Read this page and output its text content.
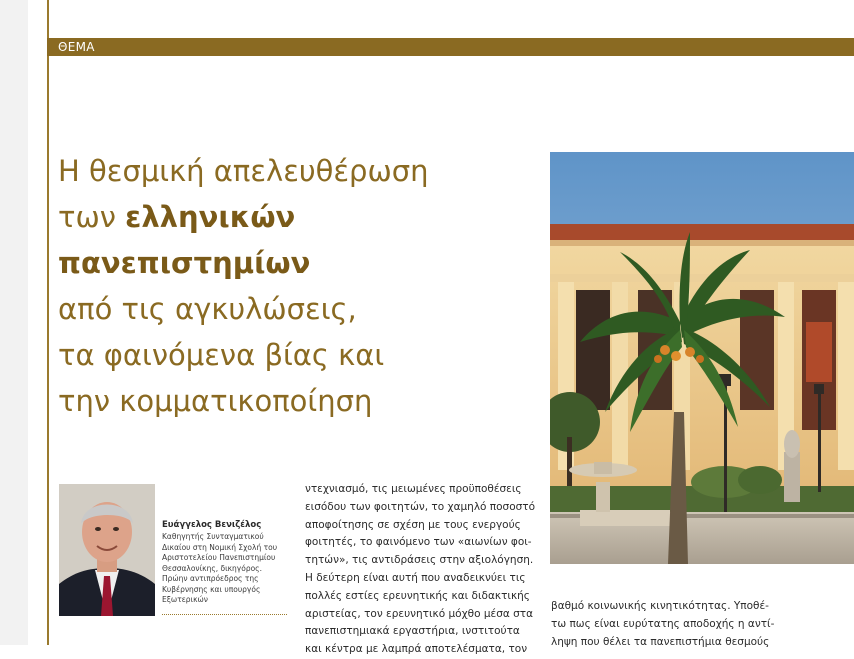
ΘΕΜΑ
Η θεσμική απελευθέρωση
των ελληνικών
πανεπιστημίων
από τις αγκυλώσεις,
τα φαινόμενα βίας και
την κομματικοποίηση
Ευάγγελος Βενιζέλος
Καθηγητής Συνταγματικού
Δικαίου στη Νομική Σχολή του
Αριστοτελείου Πανεπιστημίου
Θεσσαλονίκης, δικηγόρος.
Πρώην αντιπρόεδρος της
Κυβέρνησης και υπουργός
Εξωτερικών
ντεχνιασμό, τις μειωμένες προϋποθέσεις
εισόδου των φοιτητών, το χαμηλό ποσοστό
αποφοίτησης σε σχέση με τους ενεργούς
φοιτητές, το φαινόμενο των «αιωνίων φοι-
τητών», τις αντιδράσεις στην αξιολόγηση.
Η δεύτερη είναι αυτή που αναδεικνύει τις
πολλές εστίες ερευνητικής και διδακτικής
αριστείας, τον ερευνητικό μόχθο μέσα στα
πανεπιστημιακά εργαστήρια, ινστιτούτα
και κέντρα με λαμπρά αποτελέσματα, τον
βαθμό κοινωνικής κινητικότητας. Υποθέ-
τω πως είναι ευρύτατης αποδοχής η αντί-
ληψη που θέλει τα πανεπιστήμια θεσμούς
